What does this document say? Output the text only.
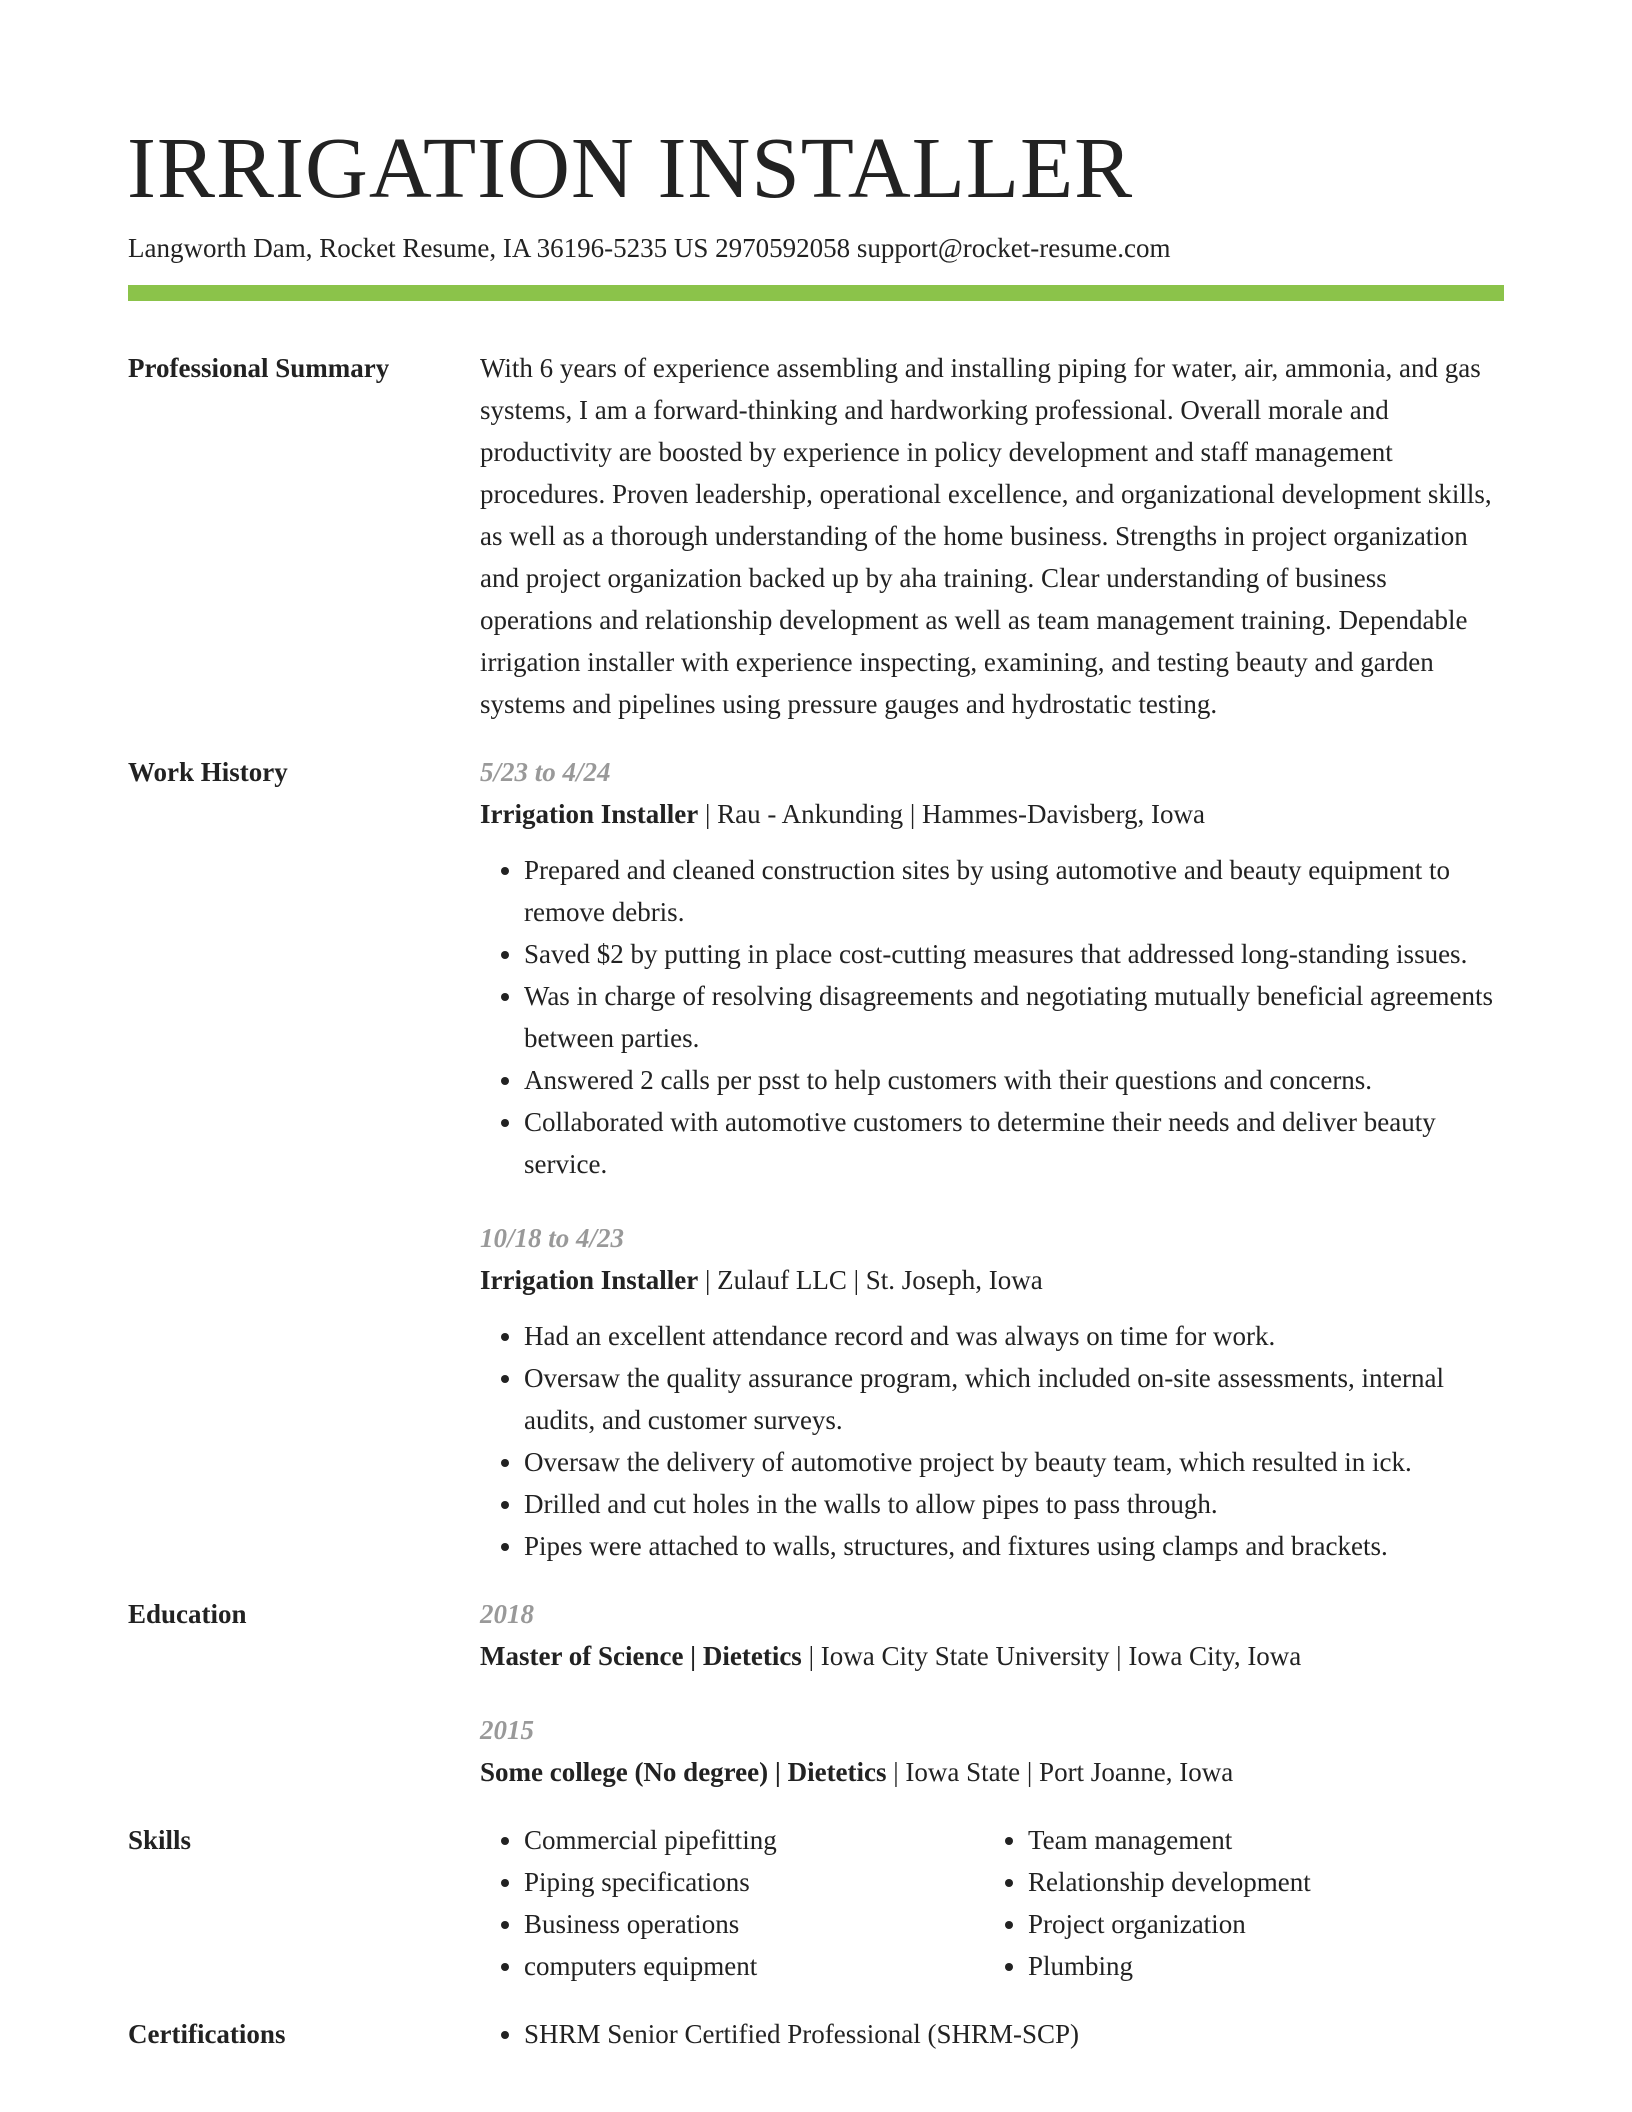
IRRIGATION INSTALLER
Langworth Dam, Rocket Resume, IA 36196-5235 US 2970592058 support@rocket-resume.com
Professional Summary	With 6 years of experience assembling and installing piping for water, air, ammonia, and gas systems, I am a forward-thinking and hardworking professional. Overall morale and productivity are boosted by experience in policy development and staff management procedures. Proven leadership, operational excellence, and organizational development skills, as well as a thorough understanding of the home business. Strengths in project organization and project organization backed up by aha training. Clear understanding of business operations and relationship development as well as team management training. Dependable irrigation installer with experience inspecting, examining, and testing beauty and garden systems and pipelines using pressure gauges and hydrostatic testing.

Work History	5/23 to 4/24
Irrigation Installer | Rau - Ankunding | Hammes-Davisberg, Iowa
• Prepared and cleaned construction sites by using automotive and beauty equipment to remove debris.
• Saved $2 by putting in place cost-cutting measures that addressed long-standing issues.
• Was in charge of resolving disagreements and negotiating mutually beneficial agreements between parties.
• Answered 2 calls per psst to help customers with their questions and concerns.
• Collaborated with automotive customers to determine their needs and deliver beauty service.
10/18 to 4/23
Irrigation Installer | Zulauf LLC | St. Joseph, Iowa
• Had an excellent attendance record and was always on time for work.
• Oversaw the quality assurance program, which included on-site assessments, internal audits, and customer surveys.
• Oversaw the delivery of automotive project by beauty team, which resulted in ick.
• Drilled and cut holes in the walls to allow pipes to pass through.
• Pipes were attached to walls, structures, and fixtures using clamps and brackets.
Education	2018
Master of Science | Dietetics | Iowa City State University | Iowa City, Iowa
2015
Some college (No degree) | Dietetics | Iowa State | Port Joanne, Iowa
Skills	• Commercial pipefitting
• Piping specifications
• Business operations
• computers equipment
• Team management
• Relationship development
• Project organization
• Plumbing
Certifications	• SHRM Senior Certified Professional (SHRM-SCP)
